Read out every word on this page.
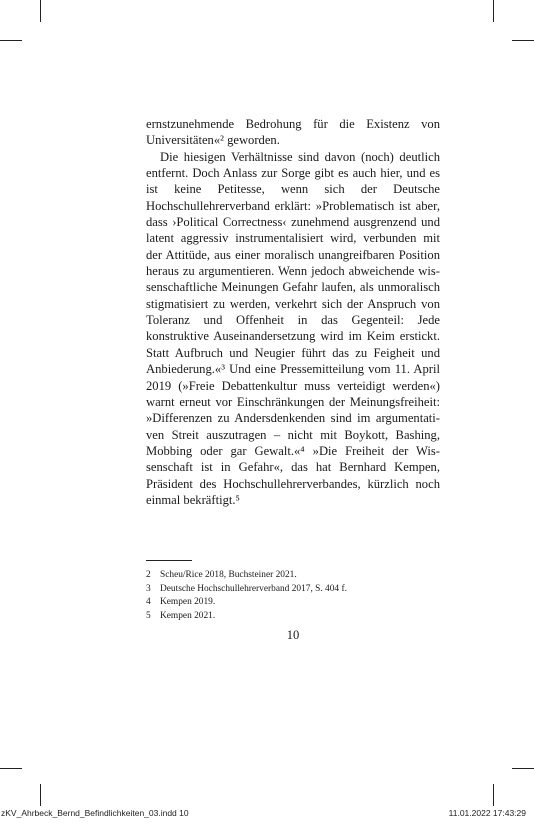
ernstzunehmende Bedrohung für die Existenz von Universitäten«² geworden.

Die hiesigen Verhältnisse sind davon (noch) deutlich entfernt. Doch Anlass zur Sorge gibt es auch hier, und es ist keine Petitesse, wenn sich der Deutsche Hochschullehrerverband erklärt: »Problematisch ist aber, dass ›Political Correctness‹ zunehmend ausgrenzend und latent aggressiv instrumentalisiert wird, verbunden mit der Attitüde, aus einer moralisch unangreifbaren Position heraus zu argumentieren. Wenn jedoch abweichende wissenschaftliche Meinungen Gefahr laufen, als unmoralisch stigmatisiert zu werden, verkehrt sich der Anspruch von Toleranz und Offenheit in das Gegenteil: Jede konstruktive Auseinandersetzung wird im Keim erstickt. Statt Aufbruch und Neugier führt das zu Feigheit und Anbiederung.«³ Und eine Pressemitteilung vom 11. April 2019 (»Freie Debattenkultur muss verteidigt werden«) warnt erneut vor Einschränkungen der Meinungsfreiheit: »Differenzen zu Andersdenkenden sind im argumentativen Streit auszutragen – nicht mit Boykott, Bashing, Mobbing oder gar Gewalt.«⁴ »Die Freiheit der Wissenschaft ist in Gefahr«, das hat Bernhard Kempen, Präsident des Hochschullehrerverbandes, kürzlich noch einmal bekräftigt.⁵

2 Scheu/Rice 2018, Buchsteiner 2021.
3 Deutsche Hochschullehrerverband 2017, S. 404 f.
4 Kempen 2019.
5 Kempen 2021.
10
zKV_Ahrbeck_Bernd_Befindlichkeiten_03.indd 10	11.01.2022 17:43:29
